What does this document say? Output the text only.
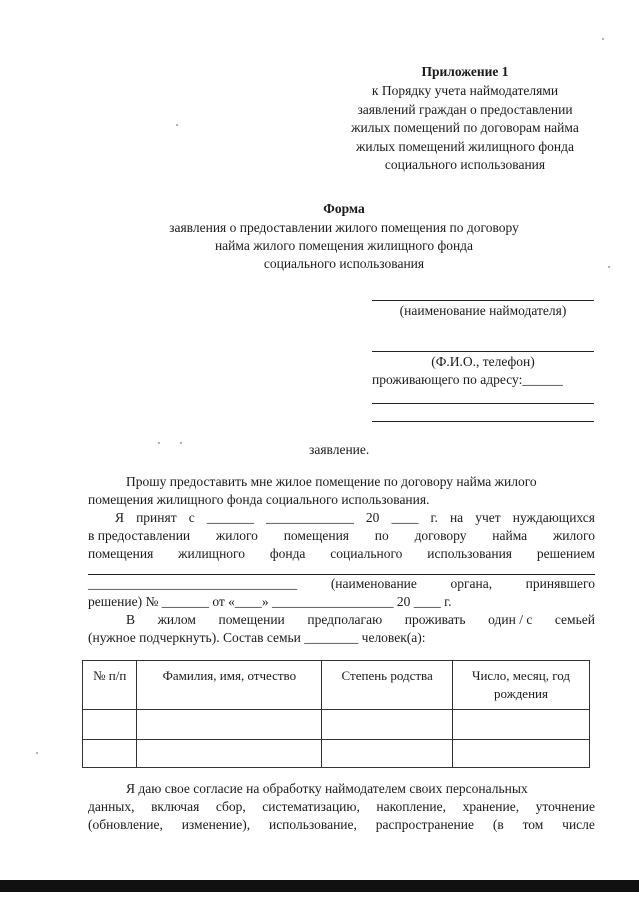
Приложение 1
к Порядку учета наймодателями
заявлений граждан о предоставлении
жилых помещений по договорам найма
жилых помещений жилищного фонда
социального использования
Форма
заявления о предоставлении жилого помещения по договору
найма жилого помещения жилищного фонда
социального использования
(наименование наймодателя)
(Ф.И.О., телефон)
проживающего по адресу:______
заявление.
Прошу предоставить мне жилое помещение по договору найма жилого
помещения жилищного фонда социального использования.
Я принят с _______ _____________ 20 ____ г. на учет нуждающихся
в предоставлении жилого помещения по договору найма жилого
помещения жилищного фонда социального использования решением
_______________________________ (наименование органа, принявшего
решение) № _______ от «____» __________________ 20 ____ г.
В жилом помещении предполагаю проживать один / с семьей
(нужное подчеркнуть). Состав семьи ________ человек(а):
№ п/п	Фамилия, имя, отчество	Степень родства	Число, месяц, год рождения

Я даю свое согласие на обработку наймодателем своих персональных
данных, включая сбор, систематизацию, накопление, хранение, уточнение
(обновление, изменение), использование, распространение (в том числе
